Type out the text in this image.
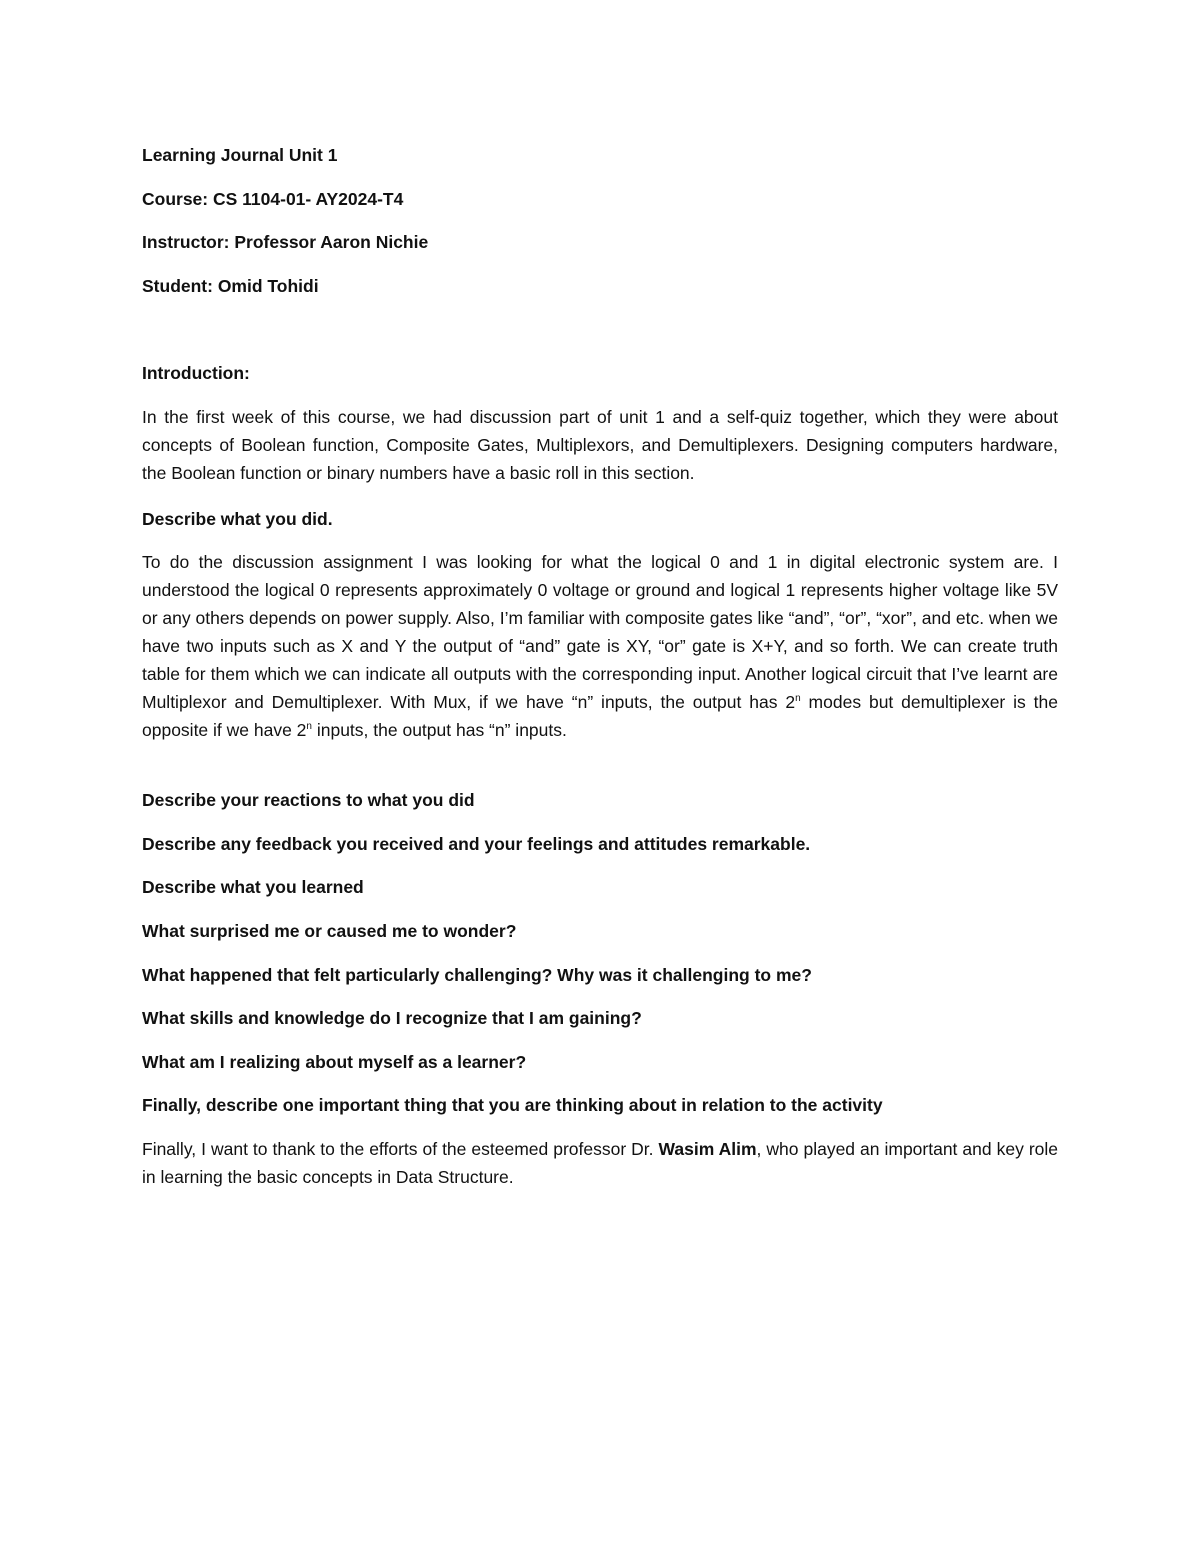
Learning Journal Unit 1

Course: CS 1104-01- AY2024-T4

Instructor: Professor Aaron Nichie

Student: Omid Tohidi

Introduction:

In the first week of this course, we had discussion part of unit 1 and a self-quiz together, which they were about concepts of Boolean function, Composite Gates, Multiplexors, and Demultiplexers. Designing computers hardware, the Boolean function or binary numbers have a basic roll in this section.

Describe what you did.

To do the discussion assignment I was looking for what the logical 0 and 1 in digital electronic system are. I understood the logical 0 represents approximately 0 voltage or ground and logical 1 represents higher voltage like 5V or any others depends on power supply. Also, I’m familiar with composite gates like “and”, “or”, “xor”, and etc. when we have two inputs such as X and Y the output of “and” gate is XY, “or” gate is X+Y, and so forth. We can create truth table for them which we can indicate all outputs with the corresponding input. Another logical circuit that I’ve learnt are Multiplexor and Demultiplexer. With Mux, if we have “n” inputs, the output has 2$^n$ modes but demultiplexer is the opposite if we have 2$^n$ inputs, the output has “n” inputs.

Describe your reactions to what you did

Describe any feedback you received and your feelings and attitudes remarkable.

Describe what you learned

What surprised me or caused me to wonder?

What happened that felt particularly challenging? Why was it challenging to me?

What skills and knowledge do I recognize that I am gaining?

What am I realizing about myself as a learner?

Finally, describe one important thing that you are thinking about in relation to the activity

Finally, I want to thank to the efforts of the esteemed professor Dr. Wasim Alim, who played an important and key role in learning the basic concepts in Data Structure.
